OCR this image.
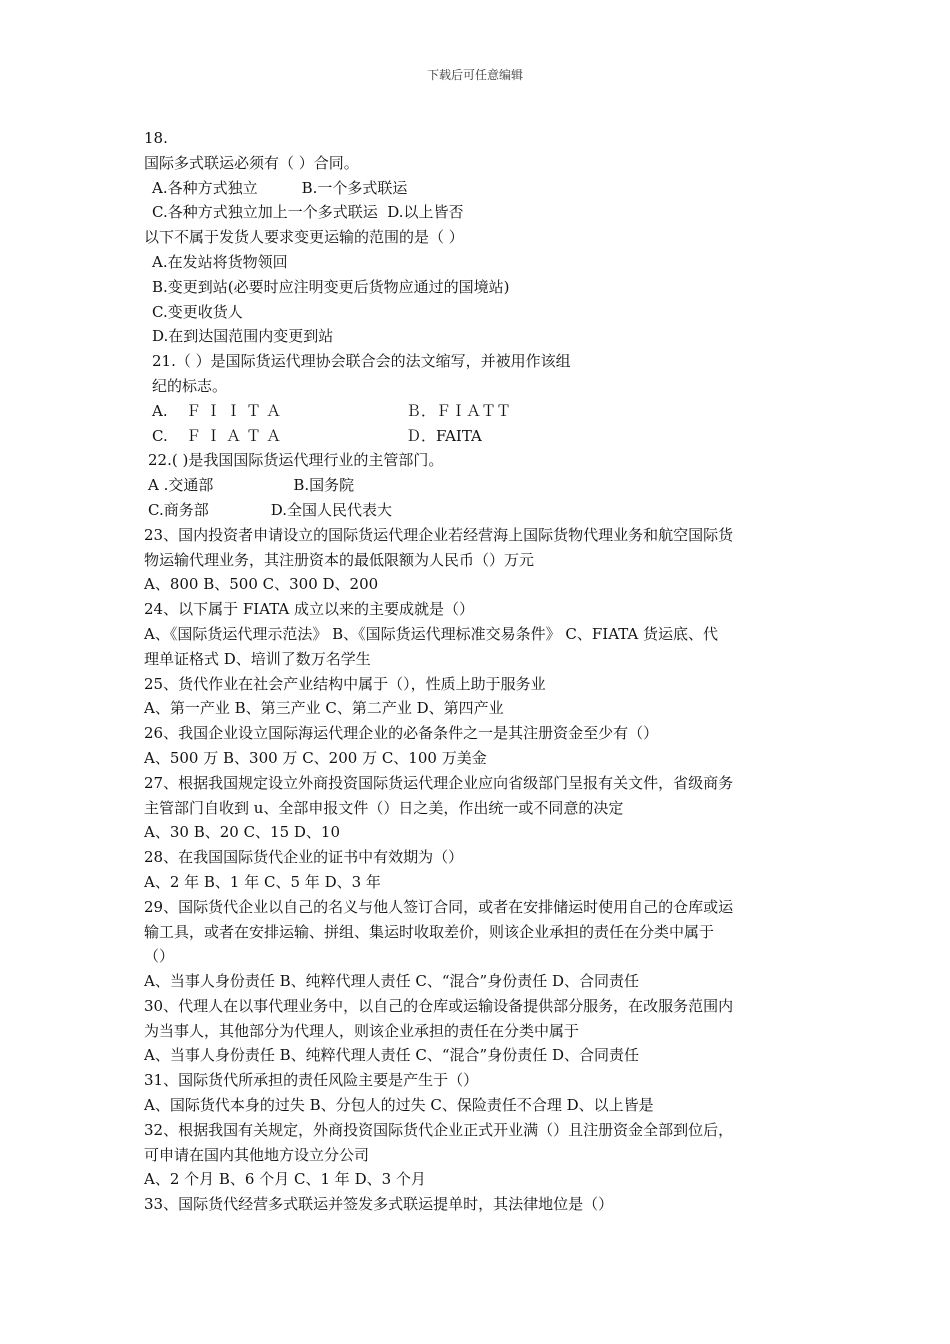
下载后可任意编辑
18.
国际多式联运必须有（ ）合同。
A.各种方式独立	B.一个多式联运
C.各种方式独立加上一个多式联运 D.以上皆否
以下不属于发货人要求变更运输的范围的是（ ）
A.在发站将货物领回
B.变更到站(必要时应注明变更后货物应通过的国境站)
C.变更收货人
D.在到达国范围内变更到站
21.（ ）是国际货运代理协会联合会的法文缩写，并被用作该组
纪的标志。
A. ＦＩＩＴＡ	Ｂ．ＦＩＡＴＴ
C. ＦＩＡＴＡ	Ｄ．FAITA
22.( )是我国国际货运代理行业的主管部门。
A .交通部	B.国务院
C.商务部	D.全国人民代表大
23、国内投资者申请设立的国际货运代理企业若经营海上国际货物代理业务和航空国际货
物运输代理业务，其注册资本的最低限额为人民币（）万元
A、800 B、500 C、300 D、200
24、以下属于 FIATA 成立以来的主要成就是（）
A、《国际货运代理示范法》 B、《国际货运代理标准交易条件》 C、FIATA 货运底、代
理单证格式 D、培训了数万名学生
25、货代作业在社会产业结构中属于（），性质上助于服务业
A、第一产业 B、第三产业 C、第二产业 D、第四产业
26、我国企业设立国际海运代理企业的必备条件之一是其注册资金至少有（）
A、500 万 B、300 万 C、200 万 C、100 万美金
27、根据我国规定设立外商投资国际货运代理企业应向省级部门呈报有关文件，省级商务
主管部门自收到 u、全部申报文件（）日之美，作出统一或不同意的决定
A、30 B、20 C、15 D、10
28、在我国国际货代企业的证书中有效期为（）
A、2 年 B、1 年 C、5 年 D、3 年
29、国际货代企业以自己的名义与他人签订合同，或者在安排储运时使用自己的仓库或运
输工具，或者在安排运输、拼组、集运时收取差价，则该企业承担的责任在分类中属于
（）
A、当事人身份责任 B、纯粹代理人责任 C、“混合”身份责任 D、合同责任
30、代理人在以事代理业务中，以自己的仓库或运输设备提供部分服务，在改服务范围内
为当事人，其他部分为代理人，则该企业承担的责任在分类中属于
A、当事人身份责任 B、纯粹代理人责任 C、“混合”身份责任 D、合同责任
31、国际货代所承担的责任风险主要是产生于（）
A、国际货代本身的过失 B、分包人的过失 C、保险责任不合理 D、以上皆是
32、根据我国有关规定，外商投资国际货代企业正式开业满（）且注册资金全部到位后，
可申请在国内其他地方设立分公司
A、2 个月 B、6 个月 C、1 年 D、3 个月
33、国际货代经营多式联运并签发多式联运提单时，其法律地位是（）
